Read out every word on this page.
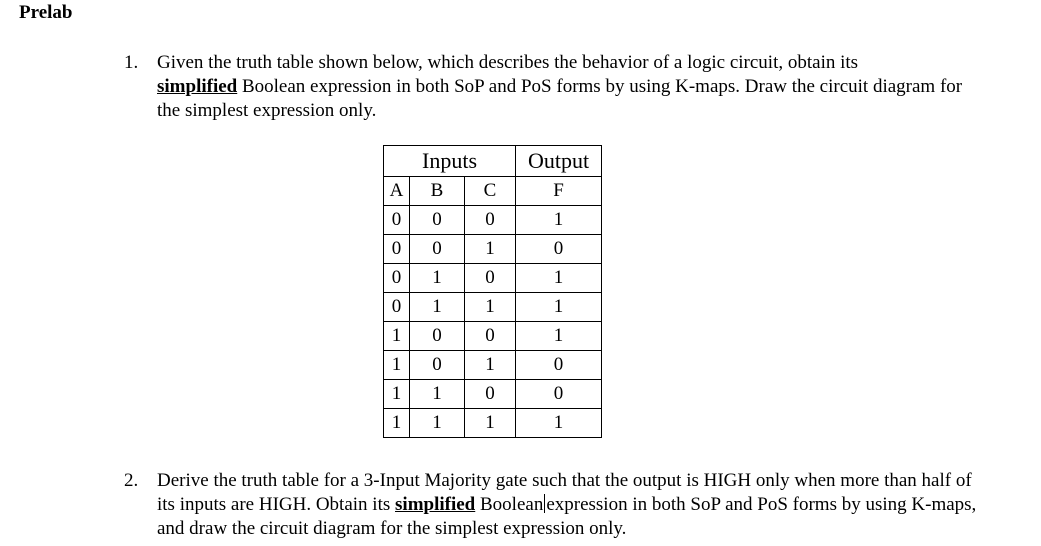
Prelab
1. Given the truth table shown below, which describes the behavior of a logic circuit, obtain its
simplified Boolean expression in both SoP and PoS forms by using K-maps. Draw the circuit diagram for the simplest expression only.
Inputs			Output
A	B	C	F
0	0	0	1
0	0	1	0
0	1	0	1
0	1	1	1
1	0	0	1
1	0	1	0
1	1	0	0
1	1	1	1
2. Derive the truth table for a 3-Input Majority gate such that the output is HIGH only when more than half of its inputs are HIGH. Obtain its simplified Boolean expression in both SoP and PoS forms by using K-maps, and draw the circuit diagram for the simplest expression only.
